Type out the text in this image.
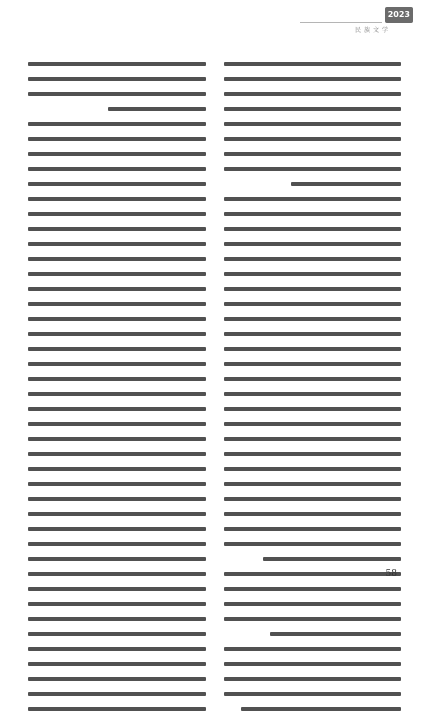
2023
民族文学
58
